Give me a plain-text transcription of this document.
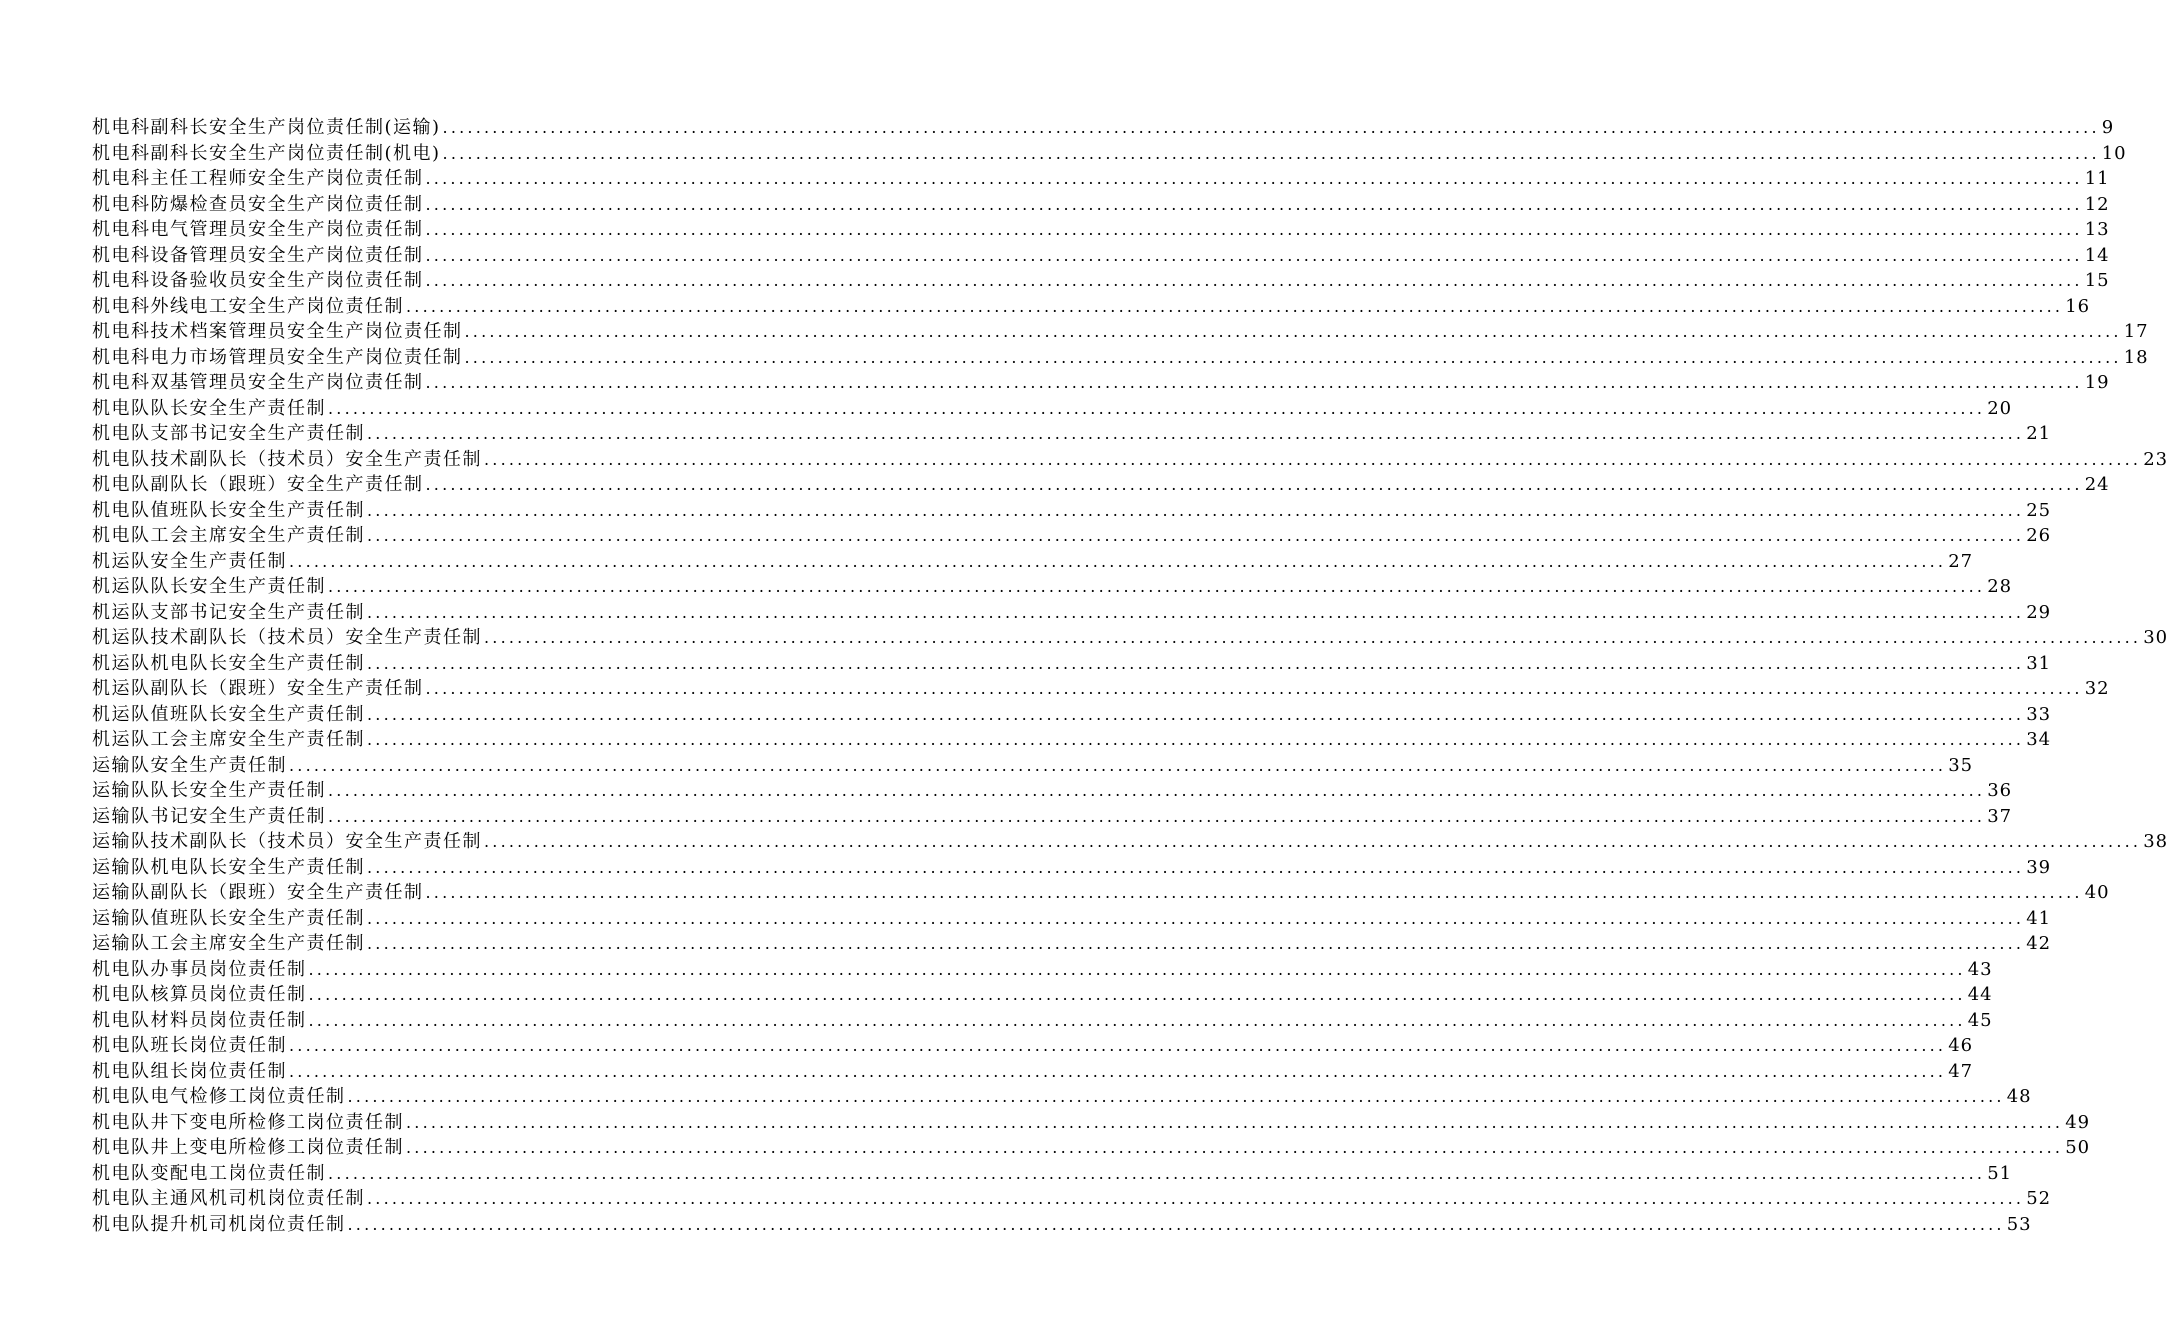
机电科副科长安全生产岗位责任制(运输) ........................................................................................................................................................................................................ 9
机电科副科长安全生产岗位责任制(机电) ........................................................................................................................................................................................................ 10
机电科主任工程师安全生产岗位责任制 ........................................................................................................................................................................................................ 11
机电科防爆检查员安全生产岗位责任制 ........................................................................................................................................................................................................ 12
机电科电气管理员安全生产岗位责任制 ........................................................................................................................................................................................................ 13
机电科设备管理员安全生产岗位责任制 ........................................................................................................................................................................................................ 14
机电科设备验收员安全生产岗位责任制 ........................................................................................................................................................................................................ 15
机电科外线电工安全生产岗位责任制 ........................................................................................................................................................................................................ 16
机电科技术档案管理员安全生产岗位责任制 ........................................................................................................................................................................................................ 17
机电科电力市场管理员安全生产岗位责任制 ........................................................................................................................................................................................................ 18
机电科双基管理员安全生产岗位责任制 ........................................................................................................................................................................................................ 19
机电队队长安全生产责任制 ........................................................................................................................................................................................................ 20
机电队支部书记安全生产责任制 ........................................................................................................................................................................................................ 21
机电队技术副队长（技术员）安全生产责任制 ........................................................................................................................................................................................................ 23
机电队副队长（跟班）安全生产责任制 ........................................................................................................................................................................................................ 24
机电队值班队长安全生产责任制 ........................................................................................................................................................................................................ 25
机电队工会主席安全生产责任制 ........................................................................................................................................................................................................ 26
机运队安全生产责任制 ........................................................................................................................................................................................................ 27
机运队队长安全生产责任制 ........................................................................................................................................................................................................ 28
机运队支部书记安全生产责任制 ........................................................................................................................................................................................................ 29
机运队技术副队长（技术员）安全生产责任制 ........................................................................................................................................................................................................ 30
机运队机电队长安全生产责任制 ........................................................................................................................................................................................................ 31
机运队副队长（跟班）安全生产责任制 ........................................................................................................................................................................................................ 32
机运队值班队长安全生产责任制 ........................................................................................................................................................................................................ 33
机运队工会主席安全生产责任制 ........................................................................................................................................................................................................ 34
运输队安全生产责任制 ........................................................................................................................................................................................................ 35
运输队队长安全生产责任制 ........................................................................................................................................................................................................ 36
运输队书记安全生产责任制 ........................................................................................................................................................................................................ 37
运输队技术副队长（技术员）安全生产责任制 ........................................................................................................................................................................................................ 38
运输队机电队长安全生产责任制 ........................................................................................................................................................................................................ 39
运输队副队长（跟班）安全生产责任制 ........................................................................................................................................................................................................ 40
运输队值班队长安全生产责任制 ........................................................................................................................................................................................................ 41
运输队工会主席安全生产责任制 ........................................................................................................................................................................................................ 42
机电队办事员岗位责任制 ........................................................................................................................................................................................................ 43
机电队核算员岗位责任制 ........................................................................................................................................................................................................ 44
机电队材料员岗位责任制 ........................................................................................................................................................................................................ 45
机电队班长岗位责任制 ........................................................................................................................................................................................................ 46
机电队组长岗位责任制 ........................................................................................................................................................................................................ 47
机电队电气检修工岗位责任制 ........................................................................................................................................................................................................ 48
机电队井下变电所检修工岗位责任制 ........................................................................................................................................................................................................ 49
机电队井上变电所检修工岗位责任制 ........................................................................................................................................................................................................ 50
机电队变配电工岗位责任制 ........................................................................................................................................................................................................ 51
机电队主通风机司机岗位责任制 ........................................................................................................................................................................................................ 52
机电队提升机司机岗位责任制 ........................................................................................................................................................................................................ 53
